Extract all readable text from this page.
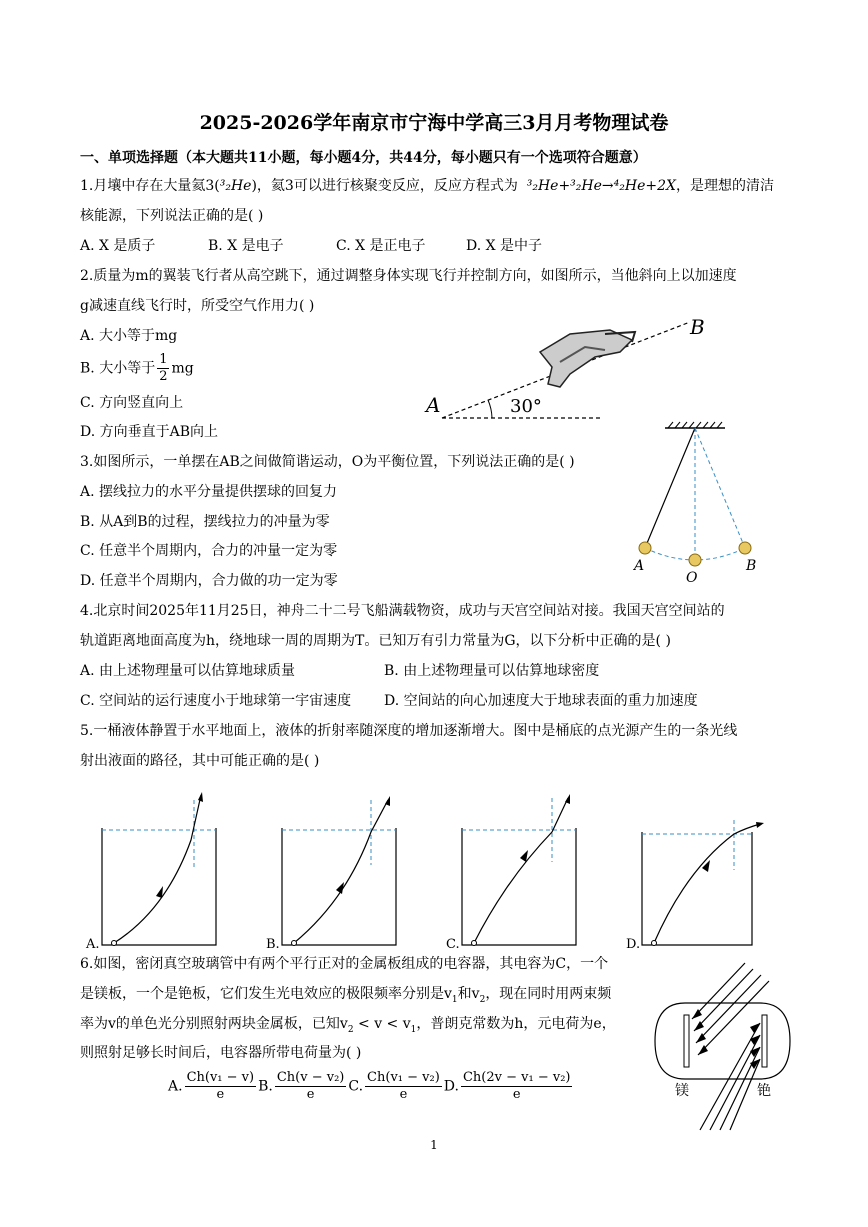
2025-2026学年南京市宁海中学高三3月月考物理试卷
一、单项选择题（本大题共11小题，每小题4分，共44分，每小题只有一个选项符合题意）
1.月壤中存在大量氦3(³₂He)，氦3可以进行核聚变反应，反应方程式为 ³₂He+³₂He→⁴₂He+2X，是理想的清洁
核能源，下列说法正确的是( )
A. X 是质子	B. X 是电子	C. X 是正电子	D. X 是中子
2.质量为m的翼装飞行者从高空跳下，通过调整身体实现飞行并控制方向，如图所示，当他斜向上以加速度
g减速直线飞行时，所受空气作用力( )
A. 大小等于mg
B. 大小等于 $\frac{1}{2}$ mg
C. 方向竖直向上
D. 方向垂直于AB向上
A
B
30°
3.如图所示，一单摆在AB之间做简谐运动，O为平衡位置，下列说法正确的是( )
A. 摆线拉力的水平分量提供摆球的回复力
B. 从A到B的过程，摆线拉力的冲量为零
C. 任意半个周期内，合力的冲量一定为零
D. 任意半个周期内，合力做的功一定为零
A
O
B
4.北京时间2025年11月25日，神舟二十二号飞船满载物资，成功与天宫空间站对接。我国天宫空间站的
轨道距离地面高度为h，绕地球一周的周期为T。已知万有引力常量为G，以下分析中正确的是( )
A. 由上述物理量可以估算地球质量	B. 由上述物理量可以估算地球密度
C. 空间站的运行速度小于地球第一宇宙速度 D. 空间站的向心加速度大于地球表面的重力加速度
5.一桶液体静置于水平地面上，液体的折射率随深度的增加逐渐增大。图中是桶底的点光源产生的一条光线
射出液面的路径，其中可能正确的是( )
A.	B.	C.	D.
6.如图，密闭真空玻璃管中有两个平行正对的金属板组成的电容器，其电容为C，一个
是镁板，一个是铯板，它们发生光电效应的极限频率分别是$v_1$和$v_2$，现在同时用两束频
率为v的单色光分别照射两块金属板，已知$v_2 < v < v_1$，普朗克常数为h，元电荷为e，
则照射足够长时间后，电容器所带电荷量为( )
A. $\frac{\text{Ch(v₁ − v)}}{e} B$. $\frac{\text{Ch(v − v₂)}}{e} C$. $\frac{\text{Ch(v₁ − v₂)}}{e} D$. $\frac{\text{Ch(2v − v₁ − v₂)}}{e}$	镁	铯
1
